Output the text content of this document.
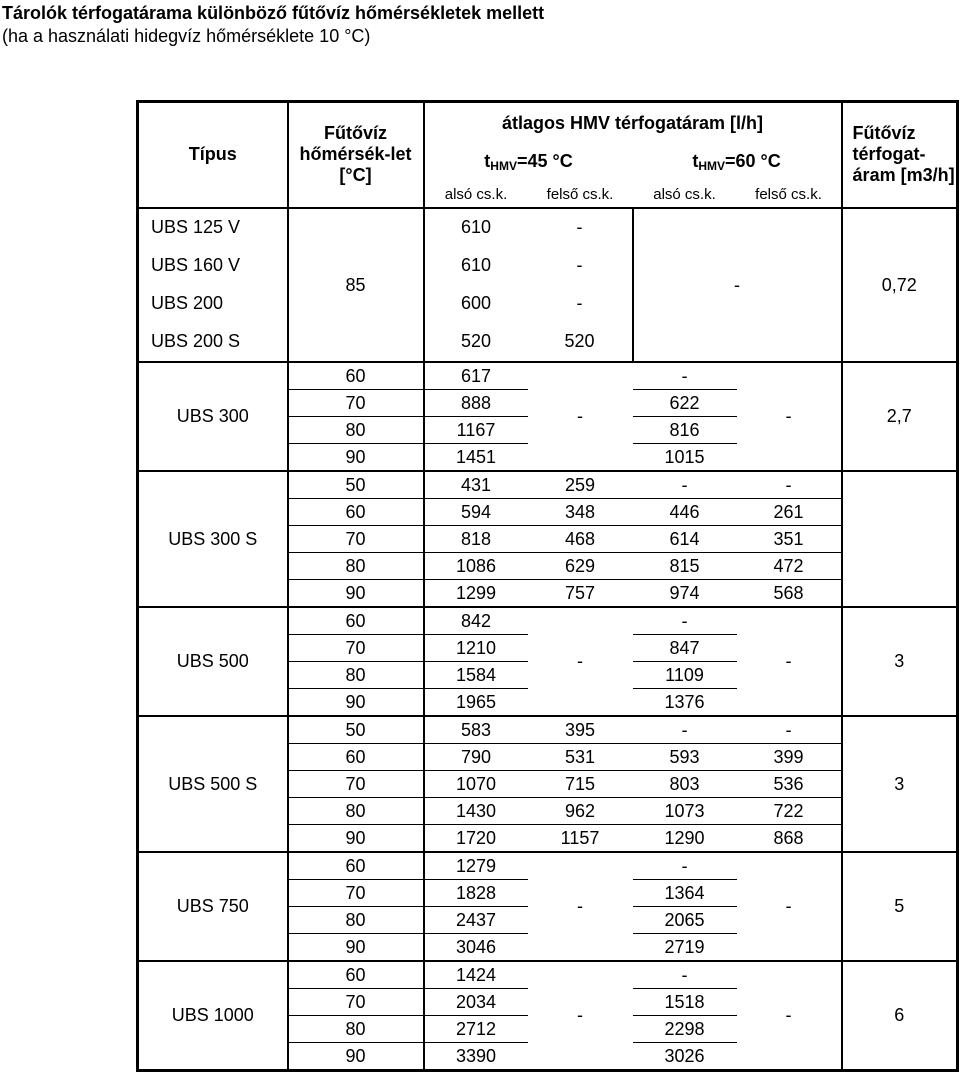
Tárolók térfogatárama különböző fűtővíz hőmérsékletek mellett
(ha a használati hidegvíz hőmérséklete 10 °C)
Típus	Fűtővíz hőmérsék-let [°C]	átlagos HMV térfogatáram [l/h]				Fűtővíz térfogat-áram [m3/h]
		$t_{HMV}=45$ °C		$t_{HMV}=60$ °C		
		alsó cs.k.	felső cs.k.	alsó cs.k.	felső cs.k.	
UBS 125 V	85	610	-	-		0,72
UBS 160 V		610	-			
UBS 200		600	-			
UBS 200 S		520	520			
UBS 300	60	617	-	-	-	2,7
	70	888		622		
	80	1167		816		
	90	1451		1015		
UBS 300 S	50	431	259	-	-	
	60	594	348	446	261	
	70	818	468	614	351	
	80	1086	629	815	472	
	90	1299	757	974	568	
UBS 500	60	842	-	-	-	3
	70	1210		847		
	80	1584		1109		
	90	1965		1376		
UBS 500 S	50	583	395	-	-	3
	60	790	531	593	399	
	70	1070	715	803	536	
	80	1430	962	1073	722	
	90	1720	1157	1290	868	
UBS 750	60	1279	-	-	-	5
	70	1828		1364		
	80	2437		2065		
	90	3046		2719		
UBS 1000	60	1424	-	-	-	6
	70	2034		1518		
	80	2712		2298		
	90	3390		3026		
